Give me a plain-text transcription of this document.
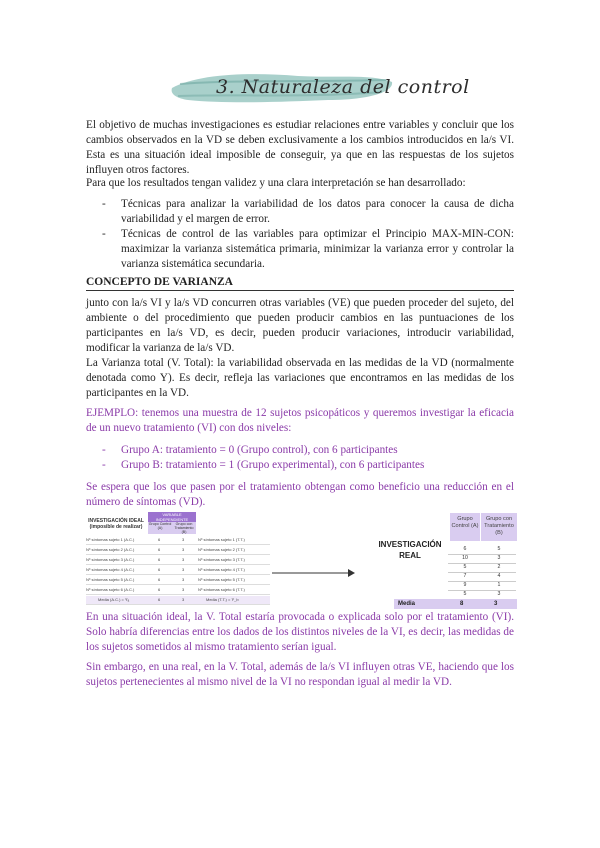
3. Naturaleza del control
El objetivo de muchas investigaciones es estudiar relaciones entre variables y concluir que los cambios observados en la VD se deben exclusivamente a los cambios introducidos en la/s VI. Esta es una situación ideal imposible de conseguir, ya que en las respuestas de los sujetos influyen otros factores.
Para que los resultados tengan validez y una clara interpretación se han desarrollado:
- Técnicas para analizar la variabilidad de los datos para conocer la causa de dicha variabilidad y el margen de error.
- Técnicas de control de las variables para optimizar el Principio MAX-MIN-CON: maximizar la varianza sistemática primaria, minimizar la varianza error y controlar la varianza sistemática secundaria.
CONCEPTO DE VARIANZA
junto con la/s VI y la/s VD concurren otras variables (VE) que pueden proceder del sujeto, del ambiente o del procedimiento que pueden producir cambios en las puntuaciones de los participantes en la/s VD, es decir, pueden producir variaciones, introducir variabilidad, modificar la varianza de la/s VD.
La Varianza total (V. Total): la variabilidad observada en las medidas de la VD (normalmente denotada como Y). Es decir, refleja las variaciones que encontramos en las medidas de los participantes en la VD.
EJEMPLO: tenemos una muestra de 12 sujetos psicopáticos y queremos investigar la eficacia de un nuevo tratamiento (VI) con dos niveles:
- Grupo A: tratamiento = 0 (Grupo control), con 6 participantes
- Grupo B: tratamiento = 1 (Grupo experimental), con 6 participantes
Se espera que los que pasen por el tratamiento obtengan como beneficio una reducción en el número de síntomas (VD).
INVESTIGACIÓN IDEAL (imposible de realizar)
VARIABLE INDEPENDIENTE
Grupo Control (A)
Grupo con Tratamiento (B)
Nº síntomas sujeto 1 (A.C.)	6	3	Nº síntomas sujeto 1 (T.T.)
Nº síntomas sujeto 2 (A.C.)	6	3	Nº síntomas sujeto 2 (T.T.)
Nº síntomas sujeto 3 (A.C.)	6	3	Nº síntomas sujeto 3 (T.T.)
Nº síntomas sujeto 4 (A.C.)	6	3	Nº síntomas sujeto 4 (T.T.)
Nº síntomas sujeto 5 (A.C.)	6	3	Nº síntomas sujeto 5 (T.T.)
Nº síntomas sujeto 6 (A.C.)	6	3	Nº síntomas sujeto 6 (T.T.)
Media (A.C.) = Ȳₐ	6	3	Media (T.T.) = Ȳ_b
INVESTIGACIÓN REAL
Grupo Control (A)
Grupo con Tratamiento (B)
6	5
10	3
5	2
7	4
9	1
5	3
Media	8	3
En una situación ideal, la V. Total estaría provocada o explicada solo por el tratamiento (VI). Solo habría diferencias entre los dados de los distintos niveles de la VI, es decir, las medidas de los sujetos sometidos al mismo tratamiento serían igual.
Sin embargo, en una real, en la V. Total, además de la/s VI influyen otras VE, haciendo que los sujetos pertenecientes al mismo nivel de la VI no respondan igual al medir la VD.
